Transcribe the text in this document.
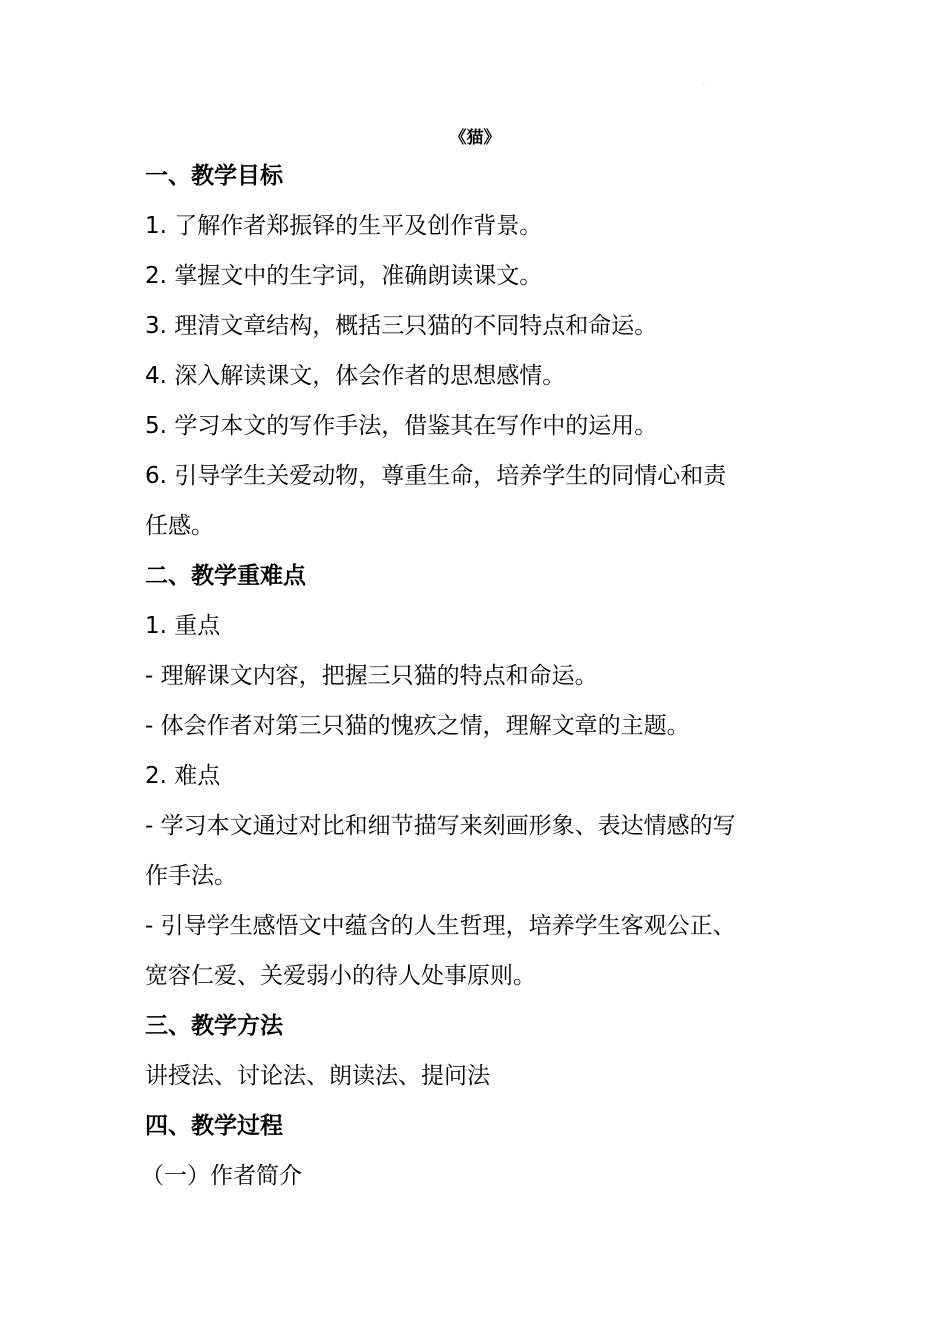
.
《猫》
一、教学目标
1. 了解作者郑振铎的生平及创作背景。
2. 掌握文中的生字词，准确朗读课文。
3. 理清文章结构，概括三只猫的不同特点和命运。
4. 深入解读课文，体会作者的思想感情。
5. 学习本文的写作手法，借鉴其在写作中的运用。
6. 引导学生关爱动物，尊重生命，培养学生的同情心和责
任感。
二、教学重难点
1. 重点
- 理解课文内容，把握三只猫的特点和命运。
- 体会作者对第三只猫的愧疚之情，理解文章的主题。
2. 难点
- 学习本文通过对比和细节描写来刻画形象、表达情感的写
作手法。
- 引导学生感悟文中蕴含的人生哲理，培养学生客观公正、
宽容仁爱、关爱弱小的待人处事原则。
三、教学方法
讲授法、讨论法、朗读法、提问法
四、教学过程
（一）作者简介
